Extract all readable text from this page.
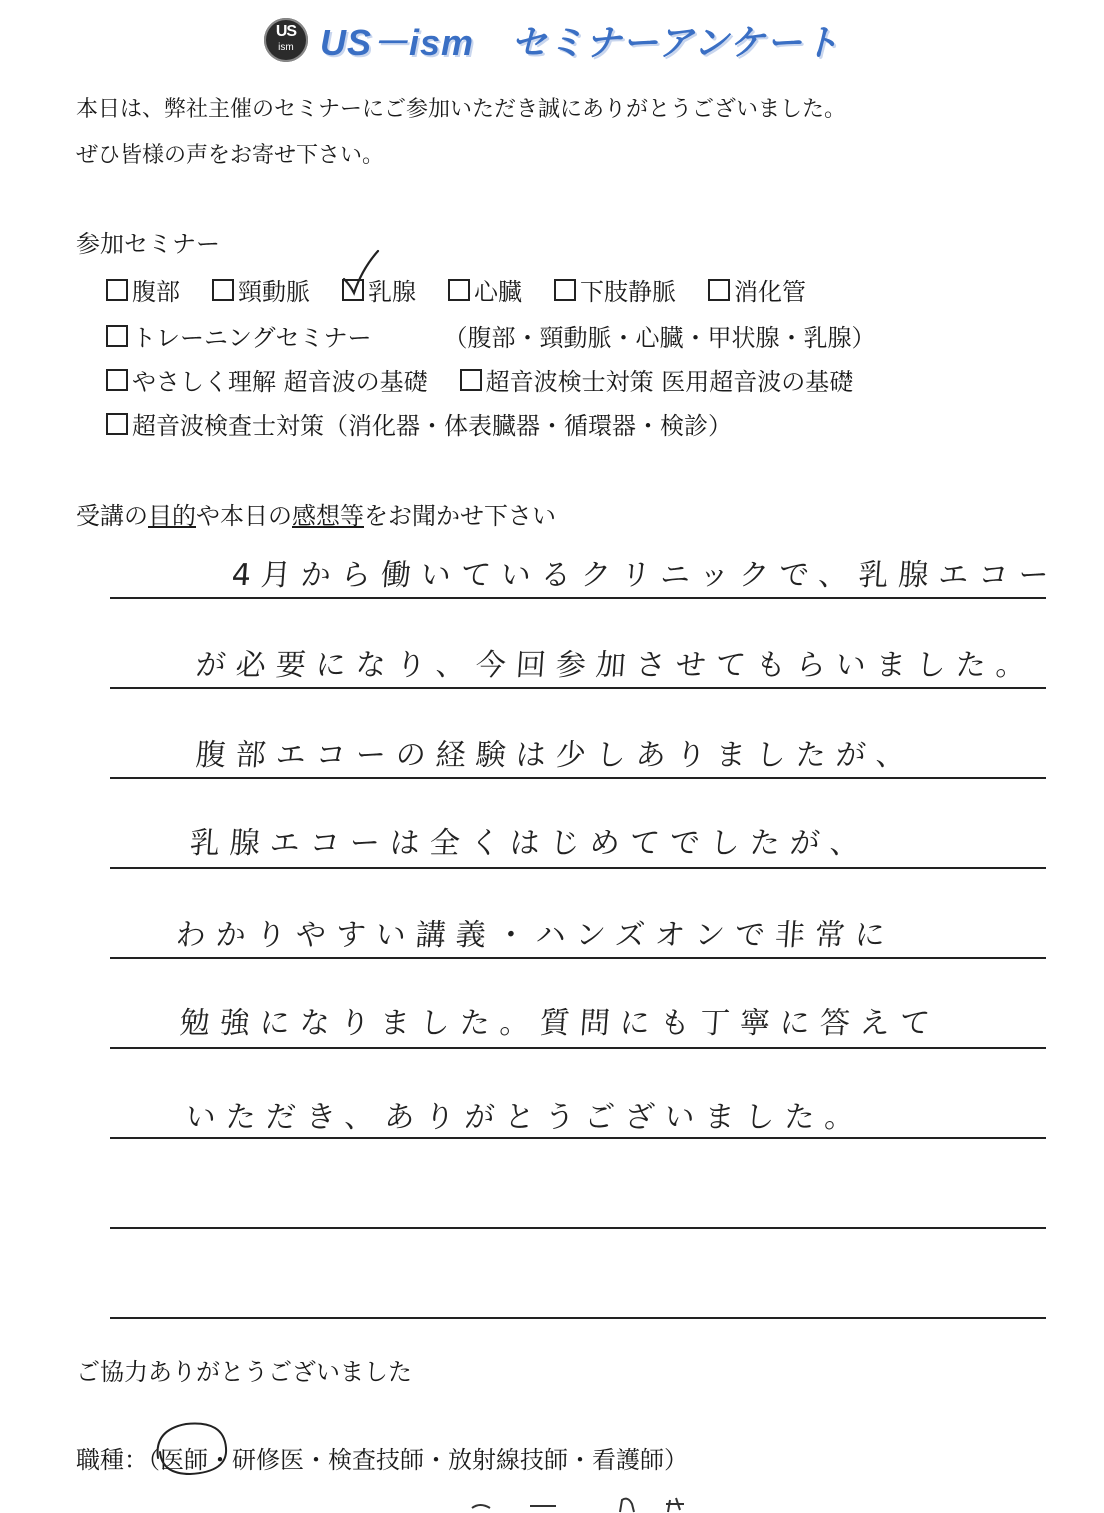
US
ism US－ism　セミナーアンケート
本日は、弊社主催のセミナーにご参加いただき誠にありがとうございました。
ぜひ皆様の声をお寄せ下さい。
参加セミナー
腹部 頸動脈 乳腺 心臓 下肢静脈 消化管
トレーニングセミナー	（腹部・頸動脈・心臓・甲状腺・乳腺）
やさしく理解 超音波の基礎 超音波検士対策 医用超音波の基礎
超音波検査士対策（消化器・体表臓器・循環器・検診）
受講の目的や本日の感想等をお聞かせ下さい
4月から働いているクリニックで、乳腺エコー
が必要になり、今回参加させてもらいました。
腹部エコーの経験は少しありましたが、
乳腺エコーは全くはじめてでしたが、
わかりやすい講義・ハンズオンで非常に
勉強になりました。質問にも丁寧に答えて
いただき、ありがとうございました。
ご協力ありがとうございました
職種：（医師・研修医・検査技師・放射線技師・看護師）
